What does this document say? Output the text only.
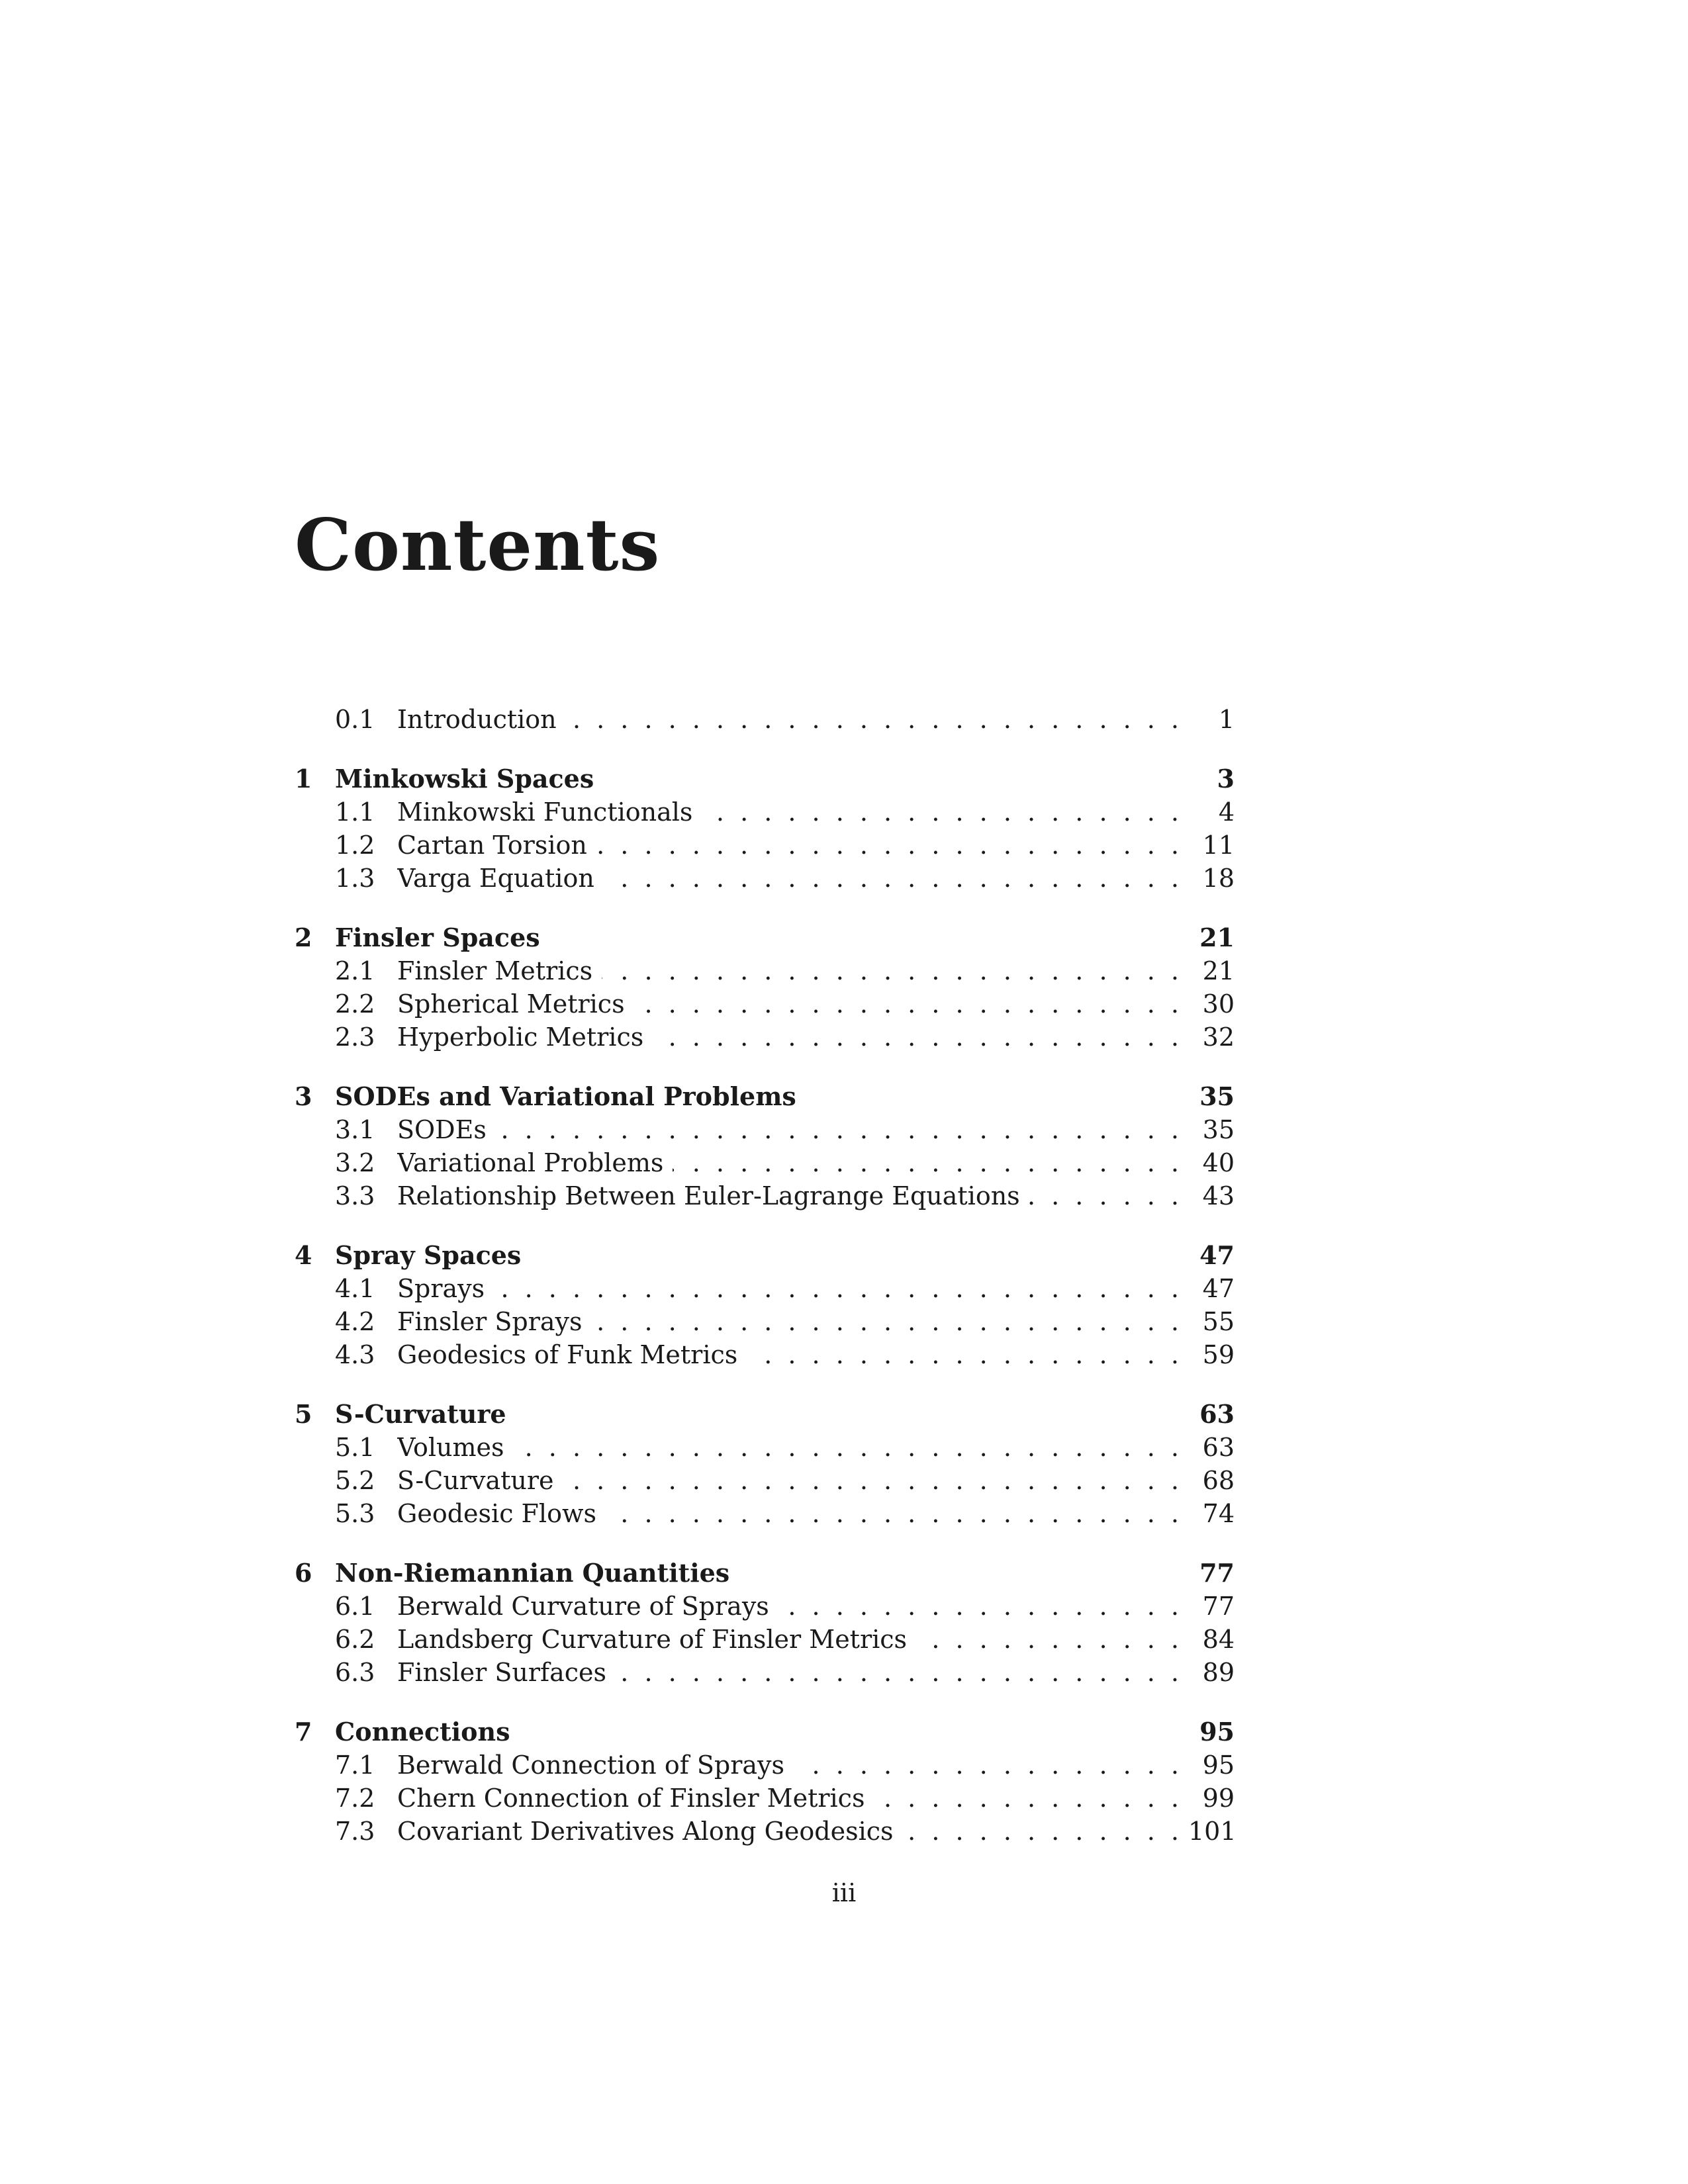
Contents
0.1 Introduction . . .	1
1 Minkowski Spaces	3
1.1 Minkowski Functionals . . .	4
1.2 Cartan Torsion . . .	11
1.3 Varga Equation . . .	18
2 Finsler Spaces	21
2.1 Finsler Metrics . . .	21
2.2 Spherical Metrics . . .	30
2.3 Hyperbolic Metrics . . .	32
3 SODEs and Variational Problems	35
3.1 SODEs . . .	35
3.2 Variational Problems . . .	40
3.3 Relationship Between Euler-Lagrange Equations . . .	43
4 Spray Spaces	47
4.1 Sprays . . .	47
4.2 Finsler Sprays . . .	55
4.3 Geodesics of Funk Metrics . . .	59
5 S-Curvature	63
5.1 Volumes . . .	63
5.2 S-Curvature . . .	68
5.3 Geodesic Flows . . .	74
6 Non-Riemannian Quantities	77
6.1 Berwald Curvature of Sprays . . .	77
6.2 Landsberg Curvature of Finsler Metrics . . .	84
6.3 Finsler Surfaces . . .	89
7 Connections	95
7.1 Berwald Connection of Sprays . . .	95
7.2 Chern Connection of Finsler Metrics . . .	99
7.3 Covariant Derivatives Along Geodesics . . .	101
iii
